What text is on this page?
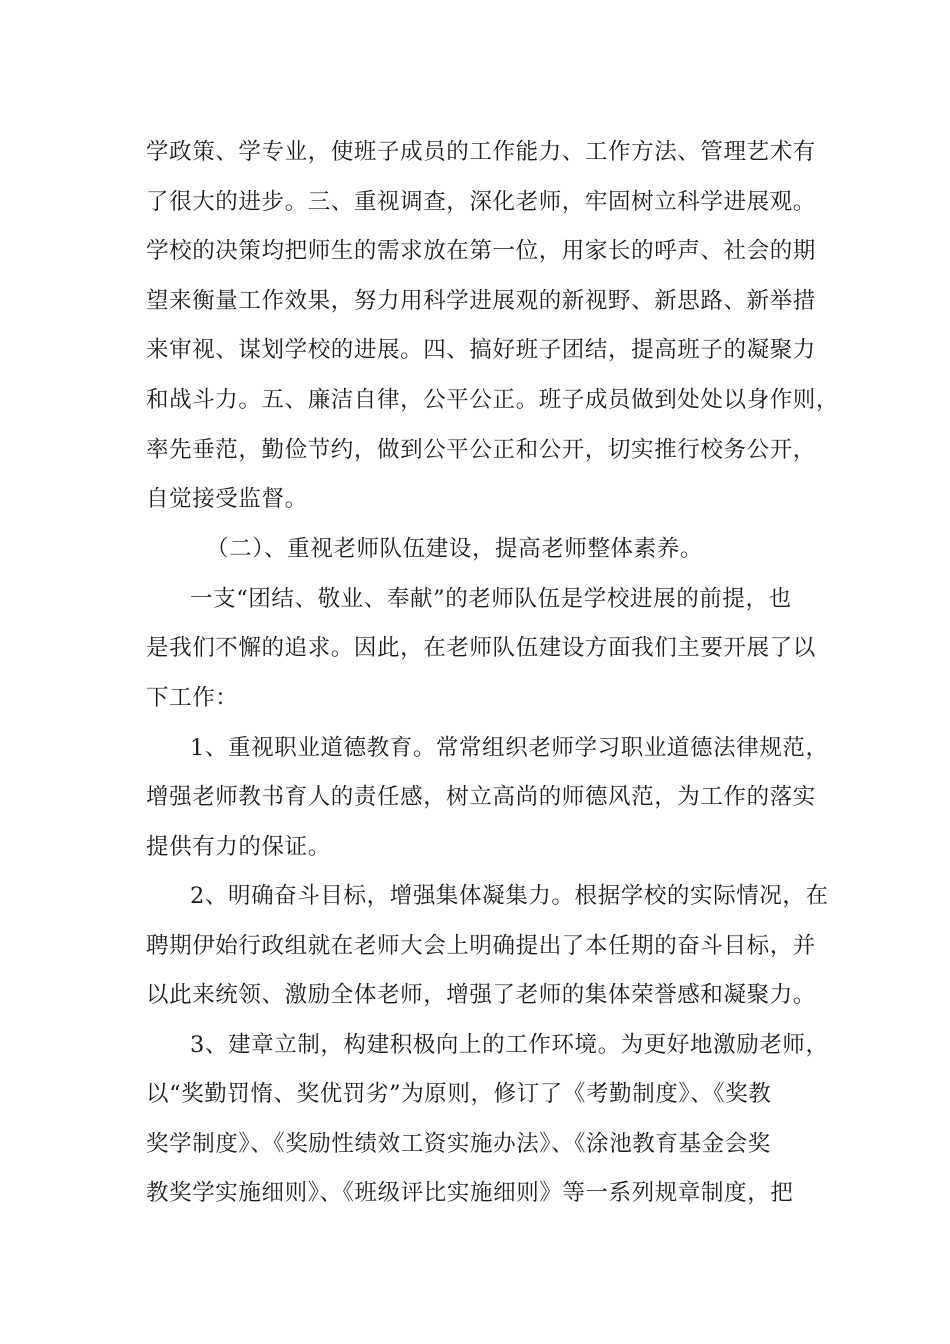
学政策、学专业，使班子成员的工作能力、工作方法、管理艺术有
了很大的进步。三、重视调查，深化老师，牢固树立科学进展观。
学校的决策均把师生的需求放在第一位，用家长的呼声、社会的期
望来衡量工作效果，努力用科学进展观的新视野、新思路、新举措
来审视、谋划学校的进展。四、搞好班子团结，提高班子的凝聚力
和战斗力。五、廉洁自律，公平公正。班子成员做到处处以身作则，
率先垂范，勤俭节约，做到公平公正和公开，切实推行校务公开，
自觉接受监督。
（二）、重视老师队伍建设，提高老师整体素养。
一支“团结、敬业、奉献”的老师队伍是学校进展的前提，也
是我们不懈的追求。因此，在老师队伍建设方面我们主要开展了以
下工作：
1、重视职业道德教育。常常组织老师学习职业道德法律规范，
增强老师教书育人的责任感，树立高尚的师德风范，为工作的落实
提供有力的保证。
2、明确奋斗目标，增强集体凝集力。根据学校的实际情况，在
聘期伊始行政组就在老师大会上明确提出了本任期的奋斗目标，并
以此来统领、激励全体老师，增强了老师的集体荣誉感和凝聚力。
3、建章立制，构建积极向上的工作环境。为更好地激励老师，
以“奖勤罚惰、奖优罚劣”为原则，修订了《考勤制度》、《奖教
奖学制度》、《奖励性绩效工资实施办法》、《涂池教育基金会奖
教奖学实施细则》、《班级评比实施细则》等一系列规章制度，把
